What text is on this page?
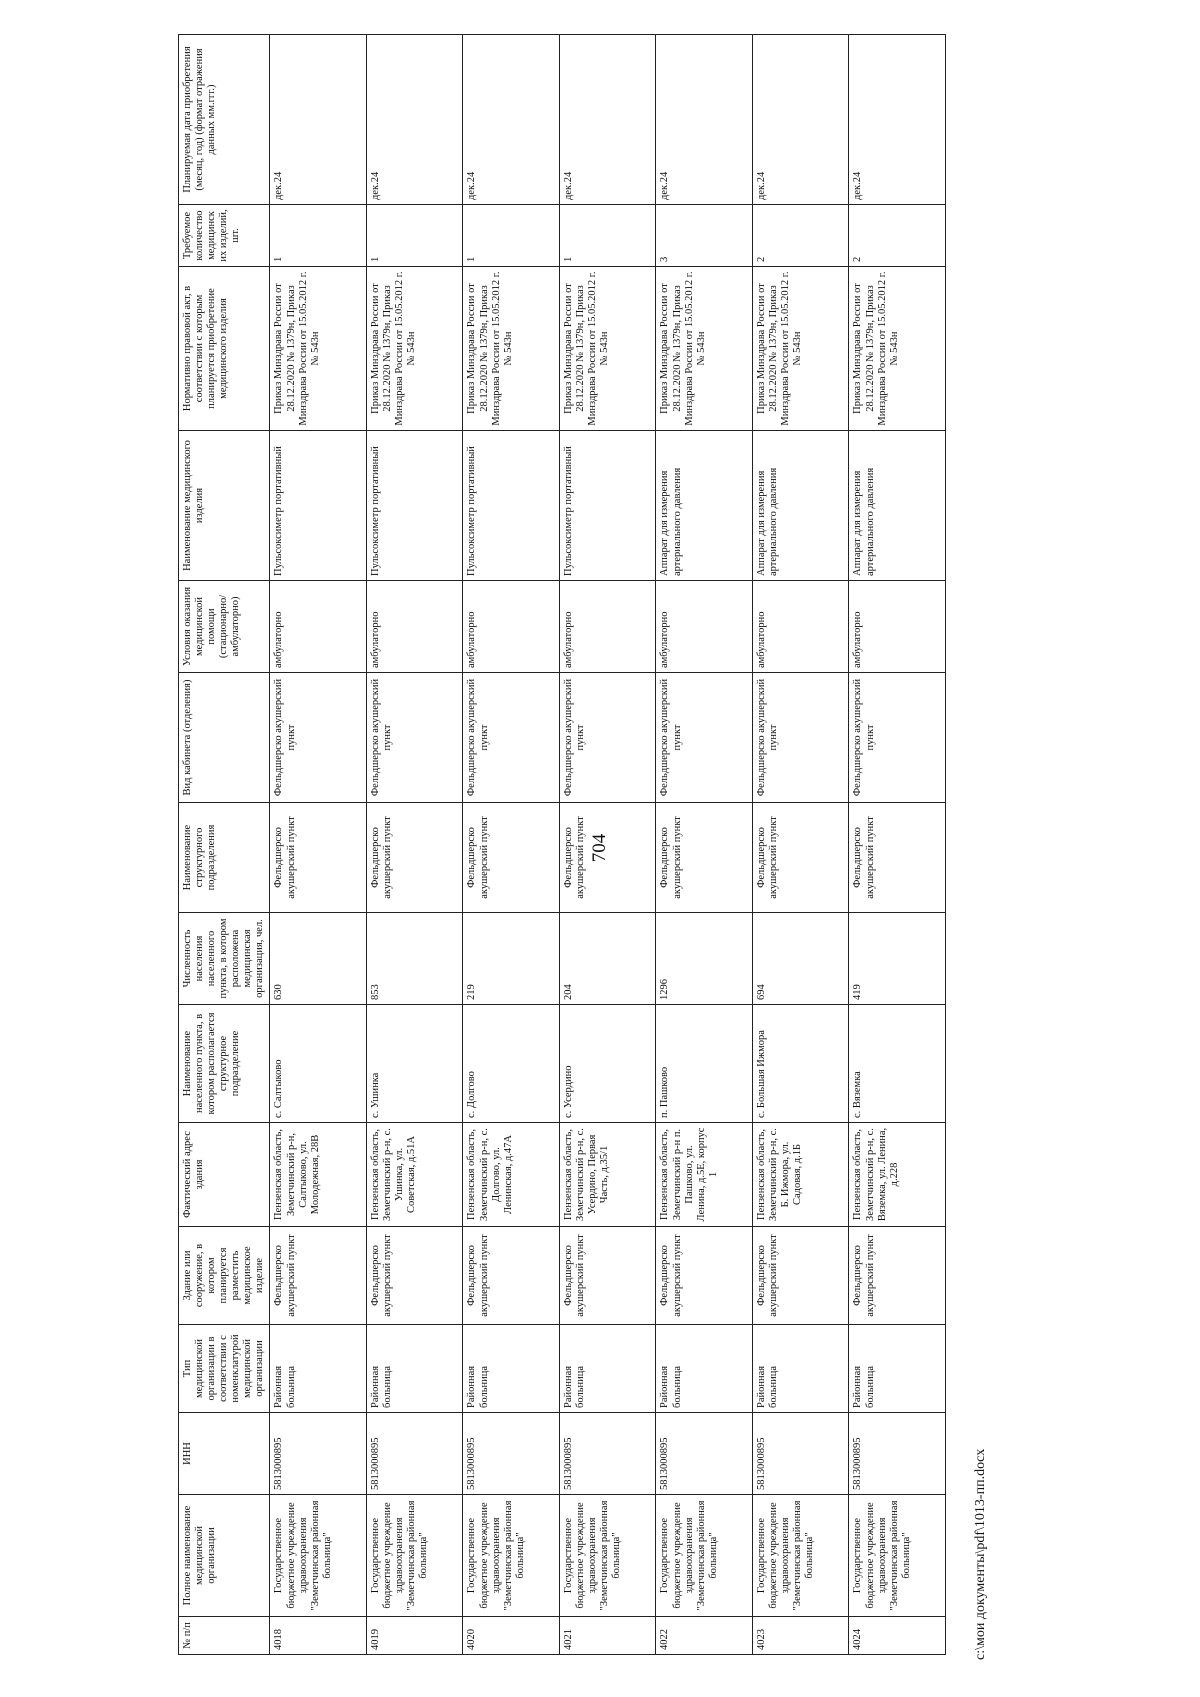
704
№ п/п	Полное наименование медицинской организации	ИНН	Тип медицинской организации в соответствии с номенклатурой медицинской организации	Здание или сооружение, в котором планируется разместить медицинское изделие	Фактический адрес здания	Наименование населенного пункта, в котором располагается структурное подразделение	Численность населения населенного пункта, в котором расположена медицинская организация, чел.	Наименование структурного подразделения	Вид кабинета (отделения)	Условия оказания медицинской помощи (стационарно/амбулаторно)	Наименование медицинского изделия	Нормативно правовой акт, в соответствии с которым планируется приобретение медицинского изделия	Требуемое количество медицинских изделий, шт.	Планируемая дата приобретения (месяц, год) (формат отражения данных мм.ггг.)
4018	Государственное бюджетное учреждение здравоохранения "Земетчинская районная больница"	5813000895	Районная больница	Фельдшерско акушерский пункт	Пензенская область, Земетчинский р-н, Салтыково, ул. Молодежная, 28В	с. Салтыково	630	Фельдшерско акушерский пункт	Фельдшерско акушерский пункт	амбулаторно	Пульсоксиметр портативный	Приказ Минздрава России от 28.12.2020 № 1379н, Приказ Минздрава России от 15.05.2012 г. № 543н	1	дек.24
4019	Государственное бюджетное учреждение здравоохранения "Земетчинская районная больница"	5813000895	Районная больница	Фельдшерско акушерский пункт	Пензенская область, Земетчинский р-н, с. Ушинка, ул. Советская, д.51А	с. Ушинка	853	Фельдшерско акушерский пункт	Фельдшерско акушерский пункт	амбулаторно	Пульсоксиметр портативный	Приказ Минздрава России от 28.12.2020 № 1379н, Приказ Минздрава России от 15.05.2012 г. № 543н	1	дек.24
4020	Государственное бюджетное учреждение здравоохранения "Земетчинская районная больница"	5813000895	Районная больница	Фельдшерско акушерский пункт	Пензенская область, Земетчинский р-н, с. Долгово, ул. Ленинская, д.47А	с. Долгово	219	Фельдшерско акушерский пункт	Фельдшерско акушерский пункт	амбулаторно	Пульсоксиметр портативный	Приказ Минздрава России от 28.12.2020 № 1379н, Приказ Минздрава России от 15.05.2012 г. № 543н	1	дек.24
4021	Государственное бюджетное учреждение здравоохранения "Земетчинская районная больница"	5813000895	Районная больница	Фельдшерско акушерский пункт	Пензенская область, Земетчинский р-н, с. Усердино, Первая Часть, д.35/1	с. Усердино	204	Фельдшерско акушерский пункт	Фельдшерско акушерский пункт	амбулаторно	Пульсоксиметр портативный	Приказ Минздрава России от 28.12.2020 № 1379н, Приказ Минздрава России от 15.05.2012 г. № 543н	1	дек.24
4022	Государственное бюджетное учреждение здравоохранения "Земетчинская районная больница"	5813000895	Районная больница	Фельдшерско акушерский пункт	Пензенская область, Земетчинский р-н п. Пашково, ул. Ленина, д.5Е, корпус 1	п. Пашково	1296	Фельдшерско акушерский пункт	Фельдшерско акушерский пункт	амбулаторно	Аппарат для измерения артериального давления	Приказ Минздрава России от 28.12.2020 № 1379н, Приказ Минздрава России от 15.05.2012 г. № 543н	3	дек.24
4023	Государственное бюджетное учреждение здравоохранения "Земетчинская районная больница"	5813000895	Районная больница	Фельдшерско акушерский пункт	Пензенская область, Земетчинский р-н, с. Б. Ижмора, ул. Садовая, д.1Б	с. Большая Ижмора	694	Фельдшерско акушерский пункт	Фельдшерско акушерский пункт	амбулаторно	Аппарат для измерения артериального давления	Приказ Минздрава России от 28.12.2020 № 1379н, Приказ Минздрава России от 15.05.2012 г. № 543н	2	дек.24
4024	Государственное бюджетное учреждение здравоохранения "Земетчинская районная больница"	5813000895	Районная больница	Фельдшерско акушерский пункт	Пензенская область, Земетчинский р-н, с. Вяземка, ул. Ленина, д.228	с. Вяземка	419	Фельдшерско акушерский пункт	Фельдшерско акушерский пункт	амбулаторно	Аппарат для измерения артериального давления	Приказ Минздрава России от 28.12.2020 № 1379н, Приказ Минздрава России от 15.05.2012 г. № 543н	2	дек.24
c:\мои документы\pdf\1013-пп.docx
